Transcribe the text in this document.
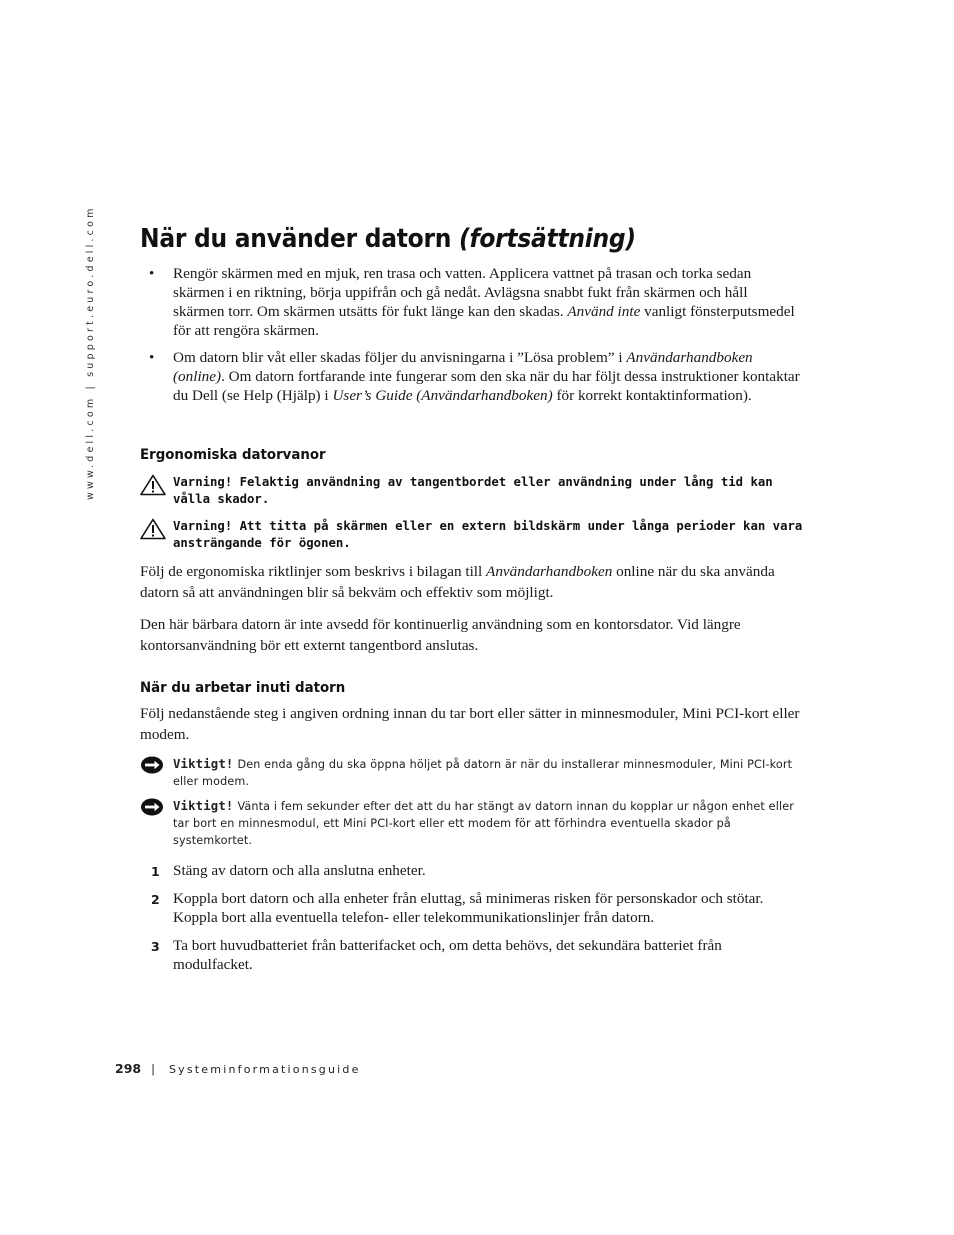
www.dell.com | support.euro.dell.com När du använder datorn (fortsättning)
• Rengör skärmen med en mjuk, ren trasa och vatten. Applicera vattnet på trasan och torka sedan skärmen i en riktning, börja uppifrån och gå nedåt. Avlägsna snabbt fukt från skärmen och håll skärmen torr. Om skärmen utsätts för fukt länge kan den skadas. Använd inte vanligt fönsterputsmedel för att rengöra skärmen.
• Om datorn blir våt eller skadas följer du anvisningarna i ”Lösa problem” i Användarhandboken (online). Om datorn fortfarande inte fungerar som den ska när du har följt dessa instruktioner kontaktar du Dell (se Help (Hjälp) i User’s Guide (Användarhandboken) för korrekt kontaktinformation).
Ergonomiska datorvanor
Varning! Felaktig användning av tangentbordet eller användning under lång tid kan vålla skador.
Varning! Att titta på skärmen eller en extern bildskärm under långa perioder kan vara ansträngande för ögonen.

Följ de ergonomiska riktlinjer som beskrivs i bilagan till Användarhandboken online när du ska använda datorn så att användningen blir så bekväm och effektiv som möjligt.

Den här bärbara datorn är inte avsedd för kontinuerlig användning som en kontorsdator. Vid längre kontorsanvändning bör ett externt tangentbord anslutas.

När du arbetar inuti datorn

Följ nedanstående steg i angiven ordning innan du tar bort eller sätter in minnesmoduler, Mini PCI-kort eller modem.

Viktigt! Den enda gång du ska öppna höljet på datorn är när du installerar minnesmoduler, Mini PCI-kort eller modem.
Viktigt! Vänta i fem sekunder efter det att du har stängt av datorn innan du kopplar ur någon enhet eller tar bort en minnesmodul, ett Mini PCI-kort eller ett modem för att förhindra eventuella skador på systemkortet.
1 Stäng av datorn och alla anslutna enheter.
2 Koppla bort datorn och alla enheter från eluttag, så minimeras risken för personskador och stötar. Koppla bort alla eventuella telefon- eller telekommunikationslinjer från datorn.
3 Ta bort huvudbatteriet från batterifacket och, om detta behövs, det sekundära batteriet från modulfacket.
298 | Systeminformationsguide
